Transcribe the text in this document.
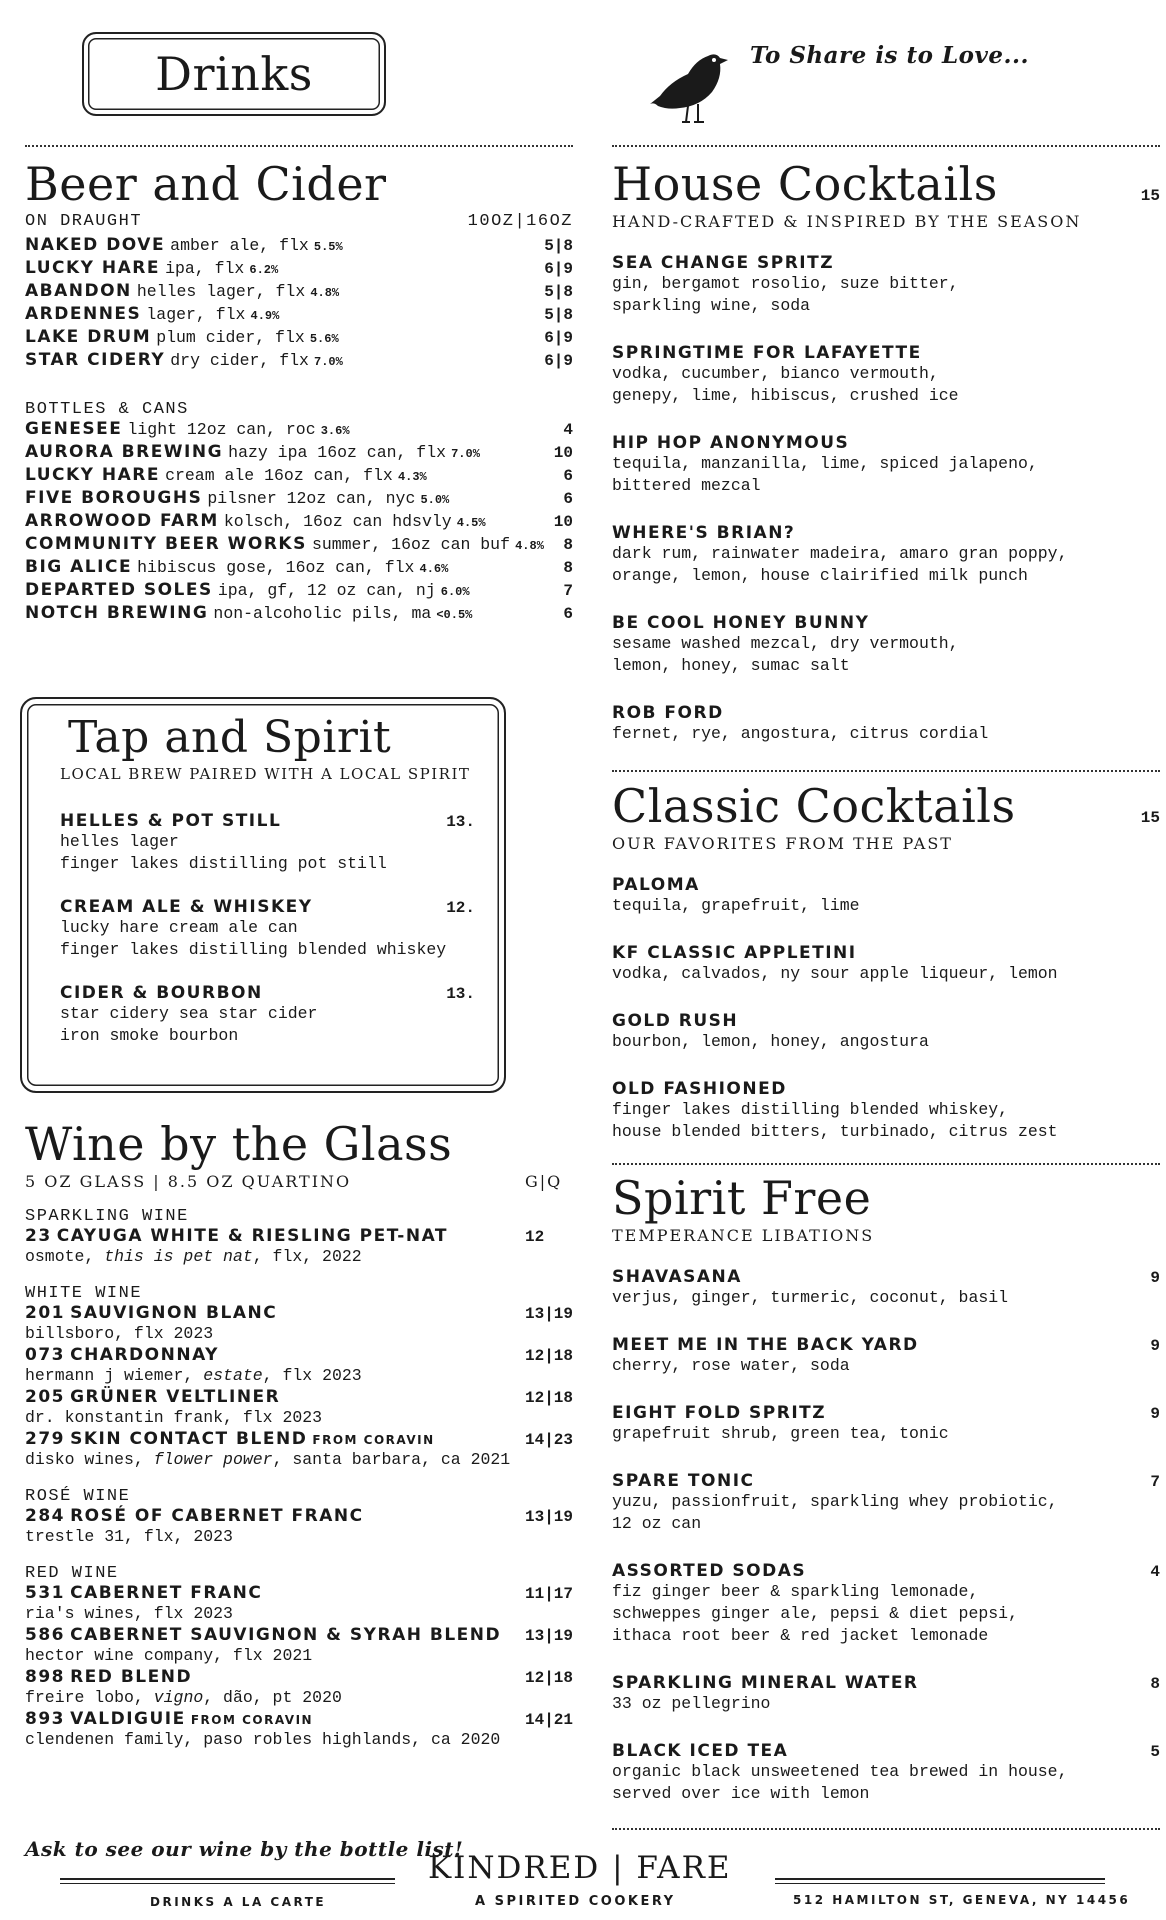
Drinks	To Share is to Love...
Beer and Cider
ON DRAUGHT	10OZ|16OZ
NAKED DOVE amber ale, flx 5.5%	5|8
LUCKY HARE ipa, flx 6.2%	6|9
ABANDON helles lager, flx 4.8%	5|8
ARDENNES lager, flx 4.9%	5|8
LAKE DRUM plum cider, flx 5.6%	6|9
STAR CIDERY dry cider, flx 7.0%	6|9
BOTTLES & CANS
GENESEE light 12oz can, roc 3.6%	4
AURORA BREWING hazy ipa 16oz can, flx 7.0%	10
LUCKY HARE cream ale 16oz can, flx 4.3%	6
FIVE BOROUGHS pilsner 12oz can, nyc 5.0%	6
ARROWOOD FARM kolsch, 16oz can hdsvly 4.5%	10
COMMUNITY BEER WORKS summer, 16oz can buf 4.8% 8
BIG ALICE hibiscus gose, 16oz can, flx 4.6%	8
DEPARTED SOLES ipa, gf, 12 oz can, nj 6.0%	7
NOTCH BREWING non-alcoholic pils, ma <0.5%	6
Tap and Spirit
LOCAL BREW PAIRED WITH A LOCAL SPIRIT
HELLES & POT STILL	13.
helles lager
finger lakes distilling pot still
CREAM ALE & WHISKEY	12.
lucky hare cream ale can
finger lakes distilling blended whiskey
CIDER & BOURBON	13.
star cidery sea star cider
iron smoke bourbon
Wine by the Glass
5 OZ GLASS | 8.5 OZ QUARTINO	G|Q
SPARKLING WINE
23 CAYUGA WHITE & RIESLING PET-NAT	12
osmote, this is pet nat, flx, 2022
WHITE WINE
201 SAUVIGNON BLANC	13|19
billsboro, flx 2023
073 CHARDONNAY	12|18
hermann j wiemer, estate, flx 2023
205 GRÜNER VELTLINER	12|18
dr. konstantin frank, flx 2023
279 SKIN CONTACT BLEND FROM CORAVIN	14|23
disko wines, flower power, santa barbara, ca 2021
ROSÉ WINE
284 ROSÉ OF CABERNET FRANC	13|19
trestle 31, flx, 2023
RED WINE
531 CABERNET FRANC	11|17
ria's wines, flx 2023
586 CABERNET SAUVIGNON & SYRAH BLEND 13|19
hector wine company, flx 2021
898 RED BLEND	12|18
freire lobo, vigno, dão, pt 2020
893 VALDIGUIE FROM CORAVIN	14|21
clendenen family, paso robles highlands, ca 2020
Ask to see our wine by the bottle list!
House Cocktails	15
HAND-CRAFTED & INSPIRED BY THE SEASON
SEA CHANGE SPRITZ
gin, bergamot rosolio, suze bitter,
sparkling wine, soda
SPRINGTIME FOR LAFAYETTE
vodka, cucumber, bianco vermouth,
genepy, lime, hibiscus, crushed ice
HIP HOP ANONYMOUS
tequila, manzanilla, lime, spiced jalapeno,
bittered mezcal
WHERE'S BRIAN?
dark rum, rainwater madeira, amaro gran poppy,
orange, lemon, house clairified milk punch
BE COOL HONEY BUNNY
sesame washed mezcal, dry vermouth,
lemon, honey, sumac salt
ROB FORD
fernet, rye, angostura, citrus cordial
Classic Cocktails	15
OUR FAVORITES FROM THE PAST
PALOMA
tequila, grapefruit, lime
KF CLASSIC APPLETINI
vodka, calvados, ny sour apple liqueur, lemon
GOLD RUSH
bourbon, lemon, honey, angostura
OLD FASHIONED
finger lakes distilling blended whiskey,
house blended bitters, turbinado, citrus zest
Spirit Free
TEMPERANCE LIBATIONS
SHAVASANA	9
verjus, ginger, turmeric, coconut, basil
MEET ME IN THE BACK YARD	9
cherry, rose water, soda
EIGHT FOLD SPRITZ	9
grapefruit shrub, green tea, tonic
SPARE TONIC	7
yuzu, passionfruit, sparkling whey probiotic,
12 oz can
ASSORTED SODAS	4
fiz ginger beer & sparkling lemonade,
schweppes ginger ale, pepsi & diet pepsi,
ithaca root beer & red jacket lemonade
SPARKLING MINERAL WATER	8
33 oz pellegrino
BLACK ICED TEA	5
organic black unsweetened tea brewed in house,
served over ice with lemon
DRINKS A LA CARTE
KINDRED | FARE
A SPIRITED COOKERY	512 HAMILTON ST, GENEVA, NY 14456
